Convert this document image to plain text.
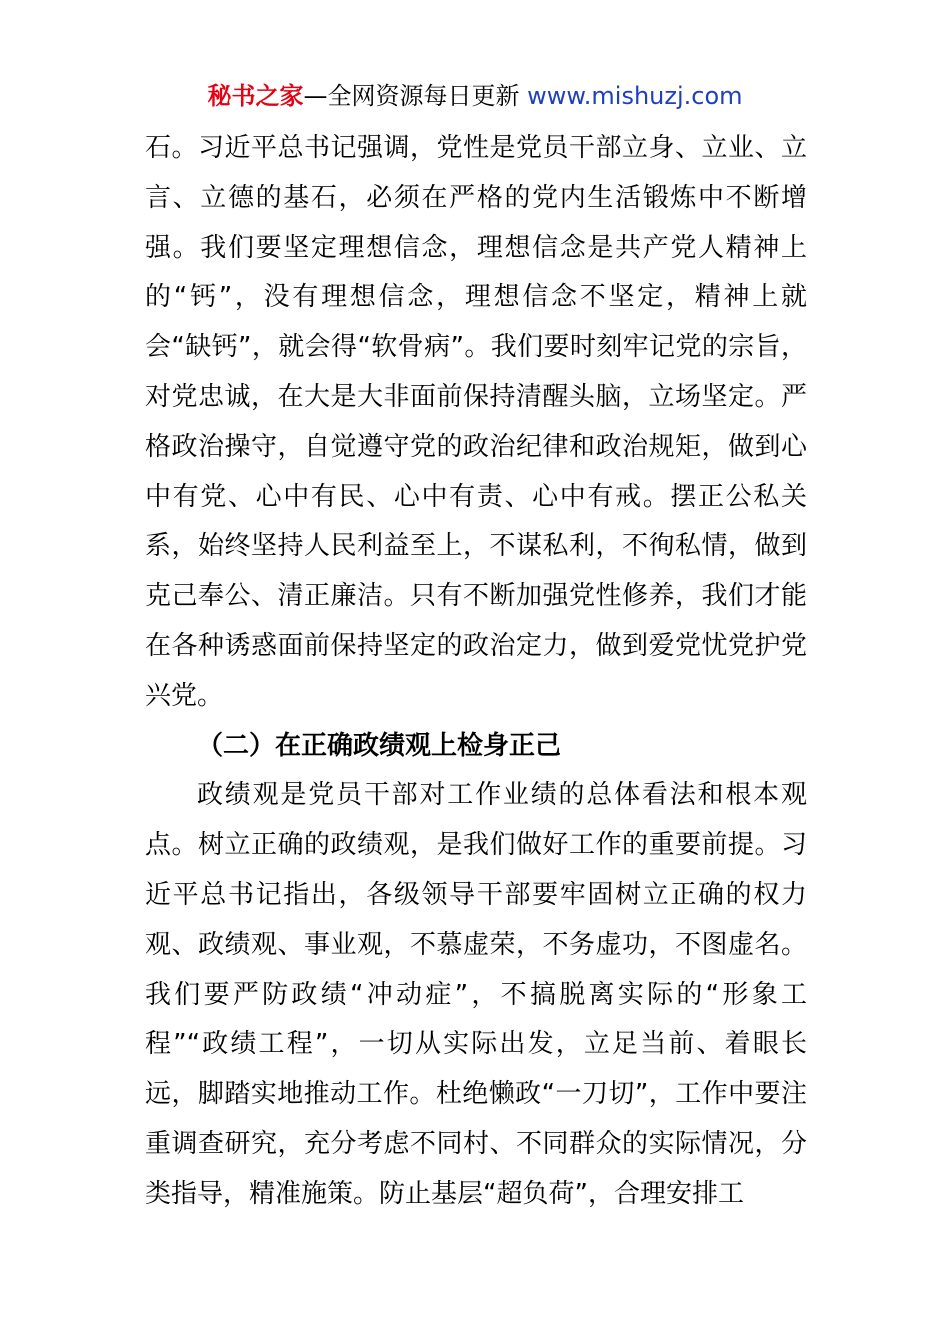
秘书之家—全网资源每日更新 www.mishuzj.com

石。习近平总书记强调，党性是党员干部立身、立业、立言、立德的基石，必须在严格的党内生活锻炼中不断增强。我们要坚定理想信念，理想信念是共产党人精神上的“钙”，没有理想信念，理想信念不坚定，精神上就会“缺钙”，就会得“软骨病”。我们要时刻牢记党的宗旨，对党忠诚，在大是大非面前保持清醒头脑，立场坚定。严格政治操守，自觉遵守党的政治纪律和政治规矩，做到心中有党、心中有民、心中有责、心中有戒。摆正公私关系，始终坚持人民利益至上，不谋私利，不徇私情，做到克己奉公、清正廉洁。只有不断加强党性修养，我们才能在各种诱惑面前保持坚定的政治定力，做到爱党忧党护党兴党。

（二）在正确政绩观上检身正己

政绩观是党员干部对工作业绩的总体看法和根本观点。树立正确的政绩观，是我们做好工作的重要前提。习近平总书记指出，各级领导干部要牢固树立正确的权力观、政绩观、事业观，不慕虚荣，不务虚功，不图虚名。我们要严防政绩“冲动症”，不搞脱离实际的“形象工程”“政绩工程”，一切从实际出发，立足当前、着眼长远，脚踏实地推动工作。杜绝懒政“一刀切”，工作中要注重调查研究，充分考虑不同村、不同群众的实际情况，分类指导，精准施策。防止基层“超负荷”，合理安排工
